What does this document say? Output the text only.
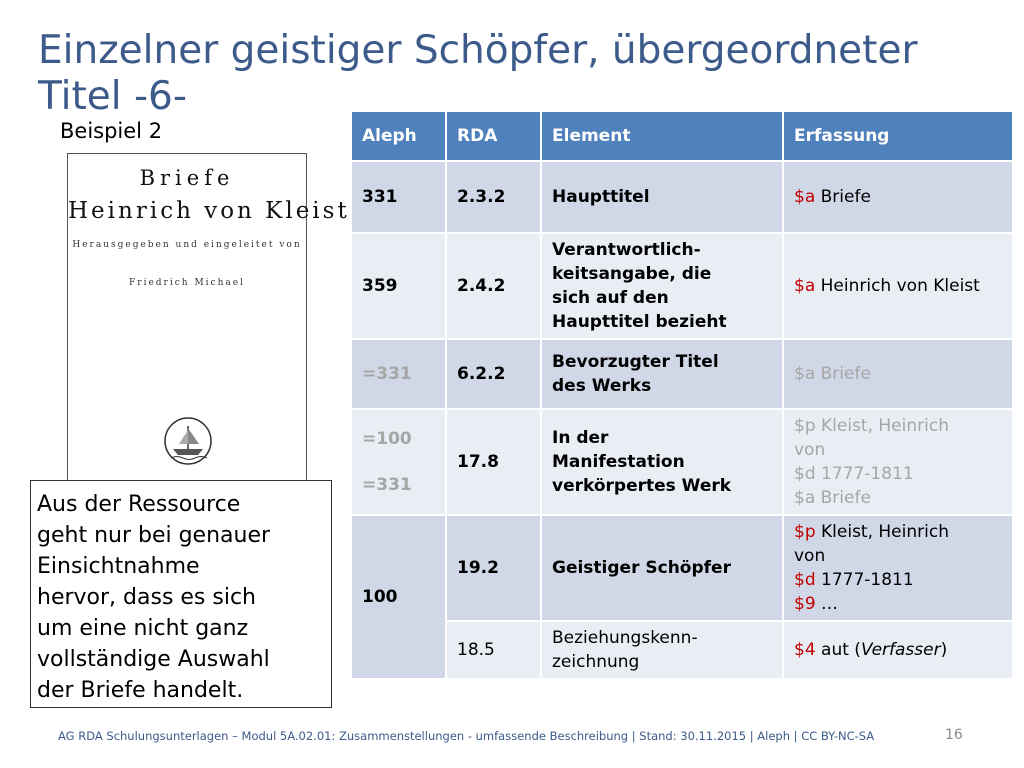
Einzelner geistiger Schöpfer, übergeordneter Titel -6-
Beispiel 2
Briefe
Heinrich von Kleist
Herausgegeben und eingeleitet von
Friedrich Michael
Aus der Ressource
geht nur bei genauer
Einsichtnahme
hervor, dass es sich
um eine nicht ganz
vollständige Auswahl
der Briefe handelt.
Aleph	RDA	Element	Erfassung
331	2.3.2	Haupttitel	$a Briefe
359	2.4.2	Verantwortlich-
keitsangabe, die
sich auf den
Haupttitel bezieht	$a Heinrich von Kleist
=331	6.2.2	Bevorzugter Titel
des Werks	$a Briefe

=100
=331	17.8	In der
Manifestation
verkörpertes Werk	$p Kleist, Heinrich
von
$d 1777-1811
$a Briefe

100	19.2	Geistiger Schöpfer	$p Kleist, Heinrich
von
$d 1777-1811
$9 …

	18.5	Beziehungskenn-
zeichnung	$4 aut (Verfasser)
AG RDA Schulungsunterlagen – Modul 5A.02.01: Zusammenstellungen - umfassende Beschreibung | Stand: 30.11.2015 | Aleph | CC BY-NC-SA	16
